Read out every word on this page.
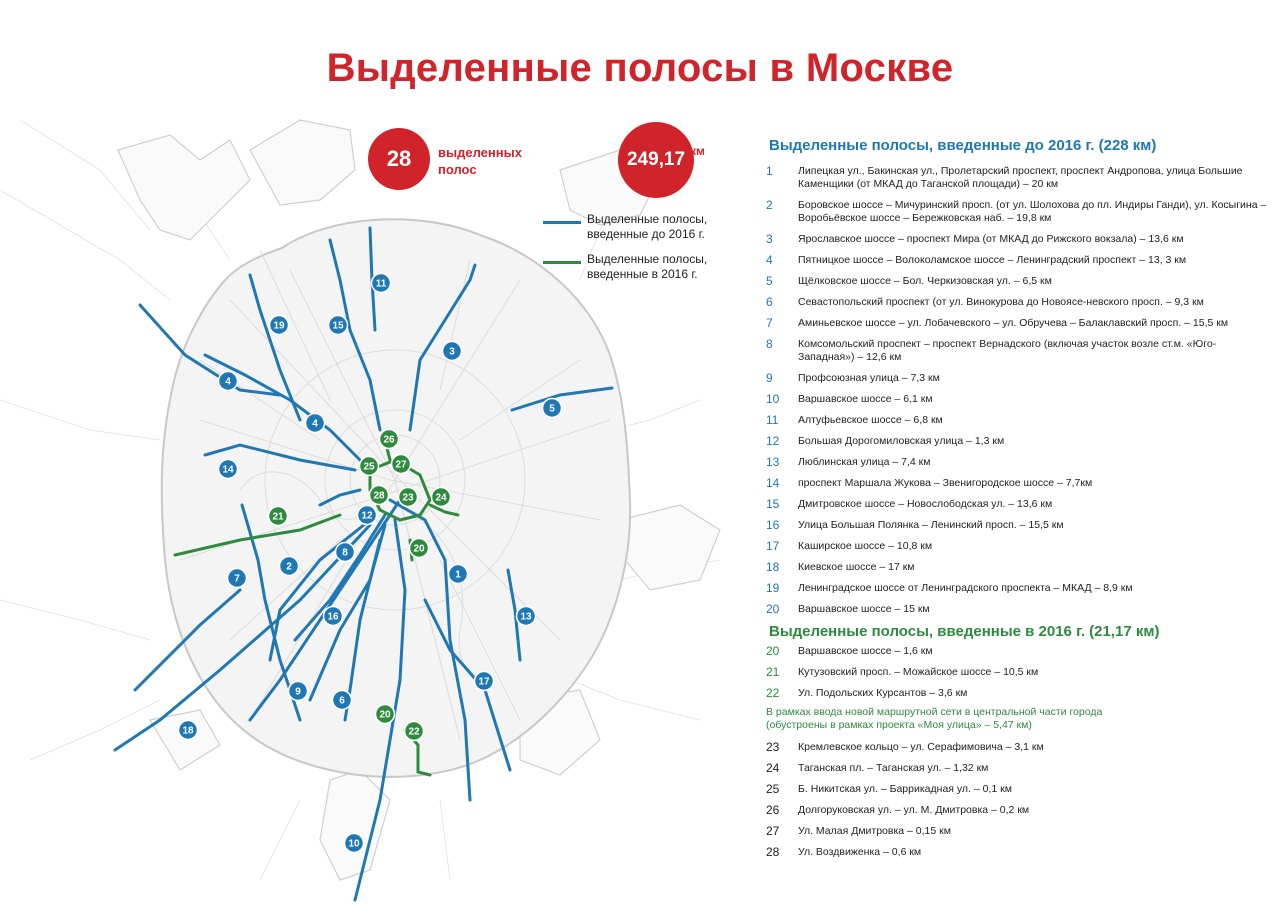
Выделенные полосы в Москве
11
19	15
3
4
4
5
14
12
8
2
7	1
16	13
17
9
6
18
10
26
25 27
28 23 24
21
20
20
22
28	выделенных полос	249,17 км
Выделенные полосы, введенные до 2016 г.
Выделенные полосы, введенные в 2016 г.
Выделенные полосы, введенные до 2016 г. (228 км)
1	Липецкая ул., Бакинская ул., Пролетарский проспект, проспект Андропова, улица Большие Каменщики (от МКАД до Таганской площади) – 20 км
2	Боровское шоссе – Мичуринский просп. (от ул. Шолохова до пл. Индиры Ганди), ул. Косыгина – Воробьёвское шоссе – Бережковская наб. – 19,8 км
3	Ярославское шоссе – проспект Мира (от МКАД до Рижского вокзала) – 13,6 км
4	Пятницкое шоссе – Волоколамское шоссе – Ленинградский проспект – 13, 3 км
5	Щёлковское шоссе – Бол. Черкизовская ул. – 6,5 км
6	Севастопольский проспект (от ул. Винокурова до Новоясе-невского просп. – 9,3 км
7	Аминьевское шоссе – ул. Лобачевского – ул. Обручева – Балаклавский просп. – 15,5 км
8	Комсомольский проспект – проспект Вернадского (включая участок возле ст.м. «Юго-Западная») – 12,6 км
9	Профсоюзная улица – 7,3 км
10	Варшавское шоссе – 6,1 км
11	Алтуфьевское шоссе – 6,8 км
12	Большая Дорогомиловская улица – 1,3 км
13	Люблинская улица – 7,4 км
14	проспект Маршала Жукова – Звенигородское шоссе – 7,7км
15	Дмитровское шоссе – Новослободская ул. – 13,6 км
16	Улица Большая Полянка – Ленинский просп. – 15,5 км
17	Каширское шоссе – 10,8 км
18	Киевское шоссе – 17 км
19	Ленинградское шоссе от Ленинградского проспекта – МКАД – 8,9 км
20	Варшавское шоссе – 15 км
Выделенные полосы, введенные в 2016 г. (21,17 км)
20	Варшавское шоссе – 1,6 км
21	Кутузовский просп. – Можайское шоссе – 10,5 км
22	Ул. Подольских Курсантов – 3,6 км
В рамках ввода новой маршрутной сети в центральной части города (обустроены в рамках проекта «Моя улица» – 5,47 км)
23	Кремлевское кольцо – ул. Серафимовича – 3,1 км
24	Таганская пл. – Таганская ул. – 1,32 км
25	Б. Никитская ул. – Баррикадная ул. – 0,1 км
26	Долгоруковская ул. – ул. М. Дмитровка – 0,2 км
27	Ул. Малая Дмитровка – 0,15 км
28	Ул. Воздвиженка – 0,6 км
